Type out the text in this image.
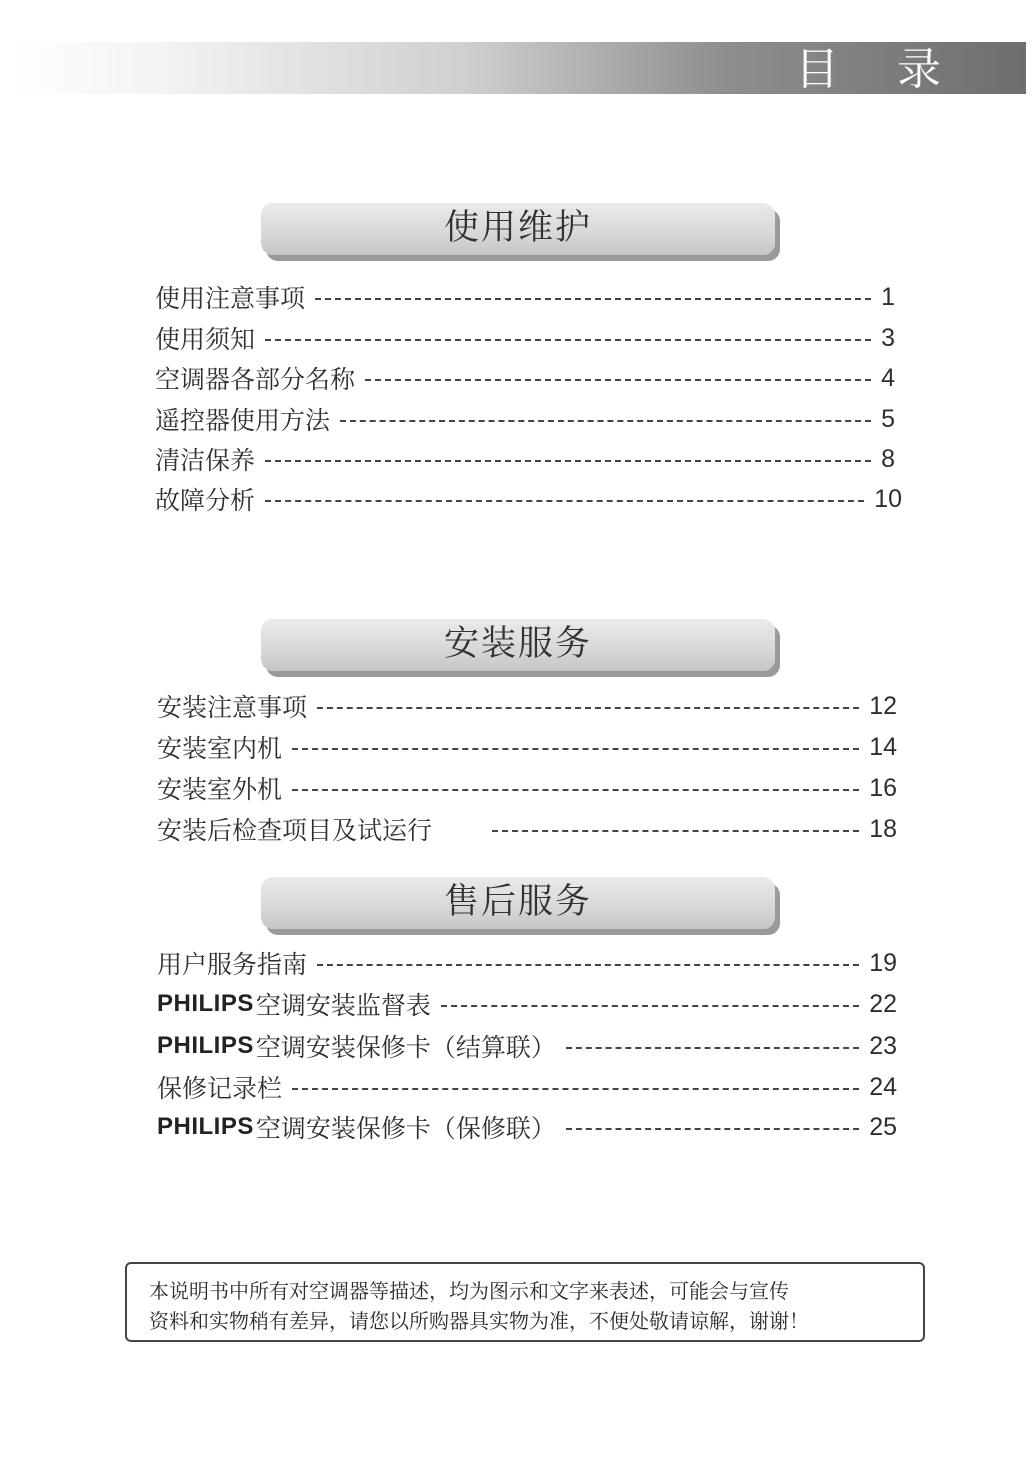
目 录
使用维护
使用注意事项	1
使用须知	3
空调器各部分名称	4
遥控器使用方法	5
清洁保养	8
故障分析	10
安装服务
安装注意事项	12
安装室内机	14
安装室外机	16
安装后检查项目及试运行	18
售后服务
用户服务指南	19
PHILIPS 空调安装监督表	22
PHILIPS 空调安装保修卡（结算联）	23
保修记录栏	24
PHILIPS 空调安装保修卡（保修联）	25
本说明书中所有对空调器等描述，均为图示和文字来表述，可能会与宣传
资料和实物稍有差异，请您以所购器具实物为准，不便处敬请谅解，谢谢！
